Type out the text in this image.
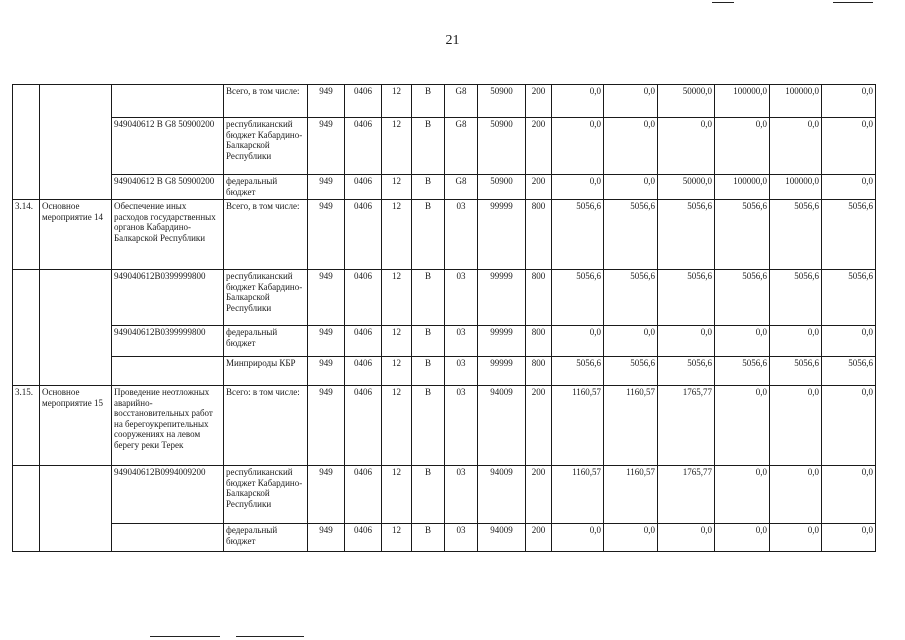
21
			Всего, в том числе:	949	0406	12	В	G8	50900	200	0,0	0,0	50000,0	100000,0	100000,0	0,0
		949040612 В G8 50900200	республиканский бюджет Кабардино-Балкарской Республики	949	0406	12	В	G8	50900	200	0,0	0,0	0,0	0,0	0,0	0,0
		949040612 В G8 50900200	федеральный бюджет	949	0406	12	В	G8	50900	200	0,0	0,0	50000,0	100000,0	100000,0	0,0
3.14.	Основное мероприятие 14	Обеспечение иных расходов государственных органов Кабардино-Балкарской Республики	Всего, в том числе:	949	0406	12	В	03	99999	800	5056,6	5056,6	5056,6	5056,6	5056,6	5056,6
		949040612В0399999800	республиканский бюджет Кабардино-Балкарской Республики	949	0406	12	В	03	99999	800	5056,6	5056,6	5056,6	5056,6	5056,6	5056,6
		949040612В0399999800	федеральный бюджет	949	0406	12	В	03	99999	800	0,0	0,0	0,0	0,0	0,0	0,0
			Минприроды КБР	949	0406	12	В	03	99999	800	5056,6	5056,6	5056,6	5056,6	5056,6	5056,6
3.15.	Основное мероприятие 15	Проведение неотложных аварийно-восстановительных работ на берегоукрепительных сооружениях на левом берегу реки Терек	Всего: в том числе:	949	0406	12	В	03	94009	200	1160,57	1160,57	1765,77	0,0	0,0	0,0
		949040612В0994009200	республиканский бюджет Кабардино-Балкарской Республики	949	0406	12	В	03	94009	200	1160,57	1160,57	1765,77	0,0	0,0	0,0
			федеральный бюджет	949	0406	12	В	03	94009	200	0,0	0,0	0,0	0,0	0,0	0,0
